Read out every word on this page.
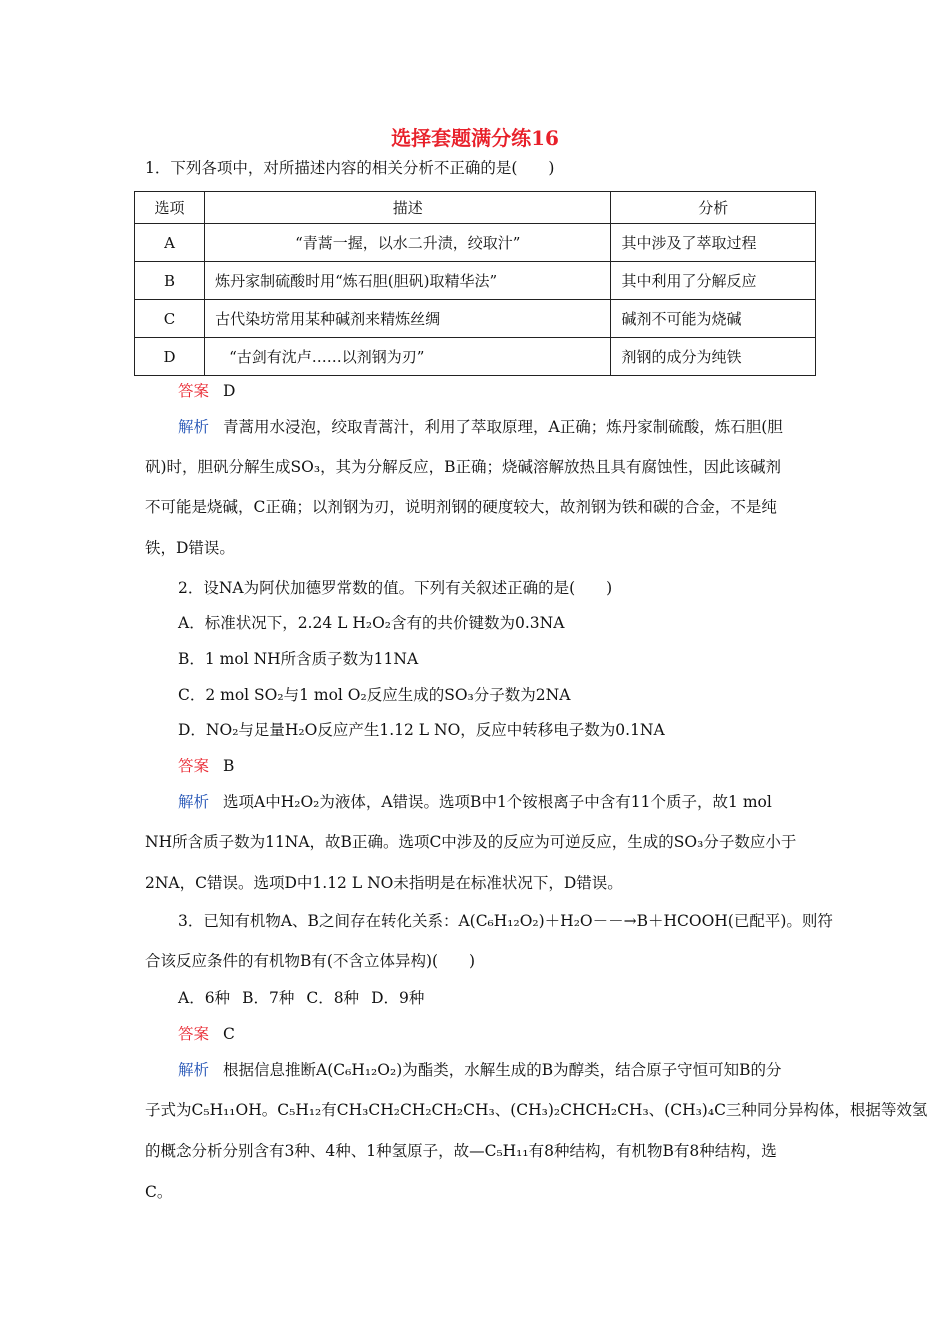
选择套题满分练16
1．下列各项中，对所描述内容的相关分析不正确的是(　　)
选项	描述	分析
A	“青蒿一握，以水二升渍，绞取汁”	其中涉及了萃取过程
B	炼丹家制硫酸时用“炼石胆(胆矾)取精华法”	其中利用了分解反应
C	古代染坊常用某种碱剂来精炼丝绸	碱剂不可能为烧碱
D	“古剑有沈卢……以剂钢为刃”	剂钢的成分为纯铁
答案 D
解析 青蒿用水浸泡，绞取青蒿汁，利用了萃取原理，A正确；炼丹家制硫酸，炼石胆(胆
矾)时，胆矾分解生成SO₃，其为分解反应，B正确；烧碱溶解放热且具有腐蚀性，因此该碱剂
不可能是烧碱，C正确；以剂钢为刃，说明剂钢的硬度较大，故剂钢为铁和碳的合金，不是纯
铁，D错误。
2．设NA为阿伏加德罗常数的值。下列有关叙述正确的是(　　)
A．标准状况下，2.24 L H₂O₂含有的共价键数为0.3NA
B．1 mol NH所含质子数为11NA
C．2 mol SO₂与1 mol O₂反应生成的SO₃分子数为2NA
D．NO₂与足量H₂O反应产生1.12 L NO，反应中转移电子数为0.1NA
答案 B
解析 选项A中H₂O₂为液体，A错误。选项B中1个铵根离子中含有11个质子，故1 mol
NH所含质子数为11NA，故B正确。选项C中涉及的反应为可逆反应，生成的SO₃分子数应小于
2NA，C错误。选项D中1.12 L NO未指明是在标准状况下，D错误。
3．已知有机物A、B之间存在转化关系：A(C₆H₁₂O₂)＋H₂O－－→B＋HCOOH(已配平)。则符
合该反应条件的有机物B有(不含立体异构)(　　)
A．6种 B．7种 C．8种 D．9种
答案 C
解析 根据信息推断A(C₆H₁₂O₂)为酯类，水解生成的B为醇类，结合原子守恒可知B的分
子式为C₅H₁₁OH。C₅H₁₂有CH₃CH₂CH₂CH₂CH₃、(CH₃)₂CHCH₂CH₃、(CH₃)₄C三种同分异构体，根据等效氢
的概念分析分别含有3种、4种、1种氢原子，故—C₅H₁₁有8种结构，有机物B有8种结构，选
C。
